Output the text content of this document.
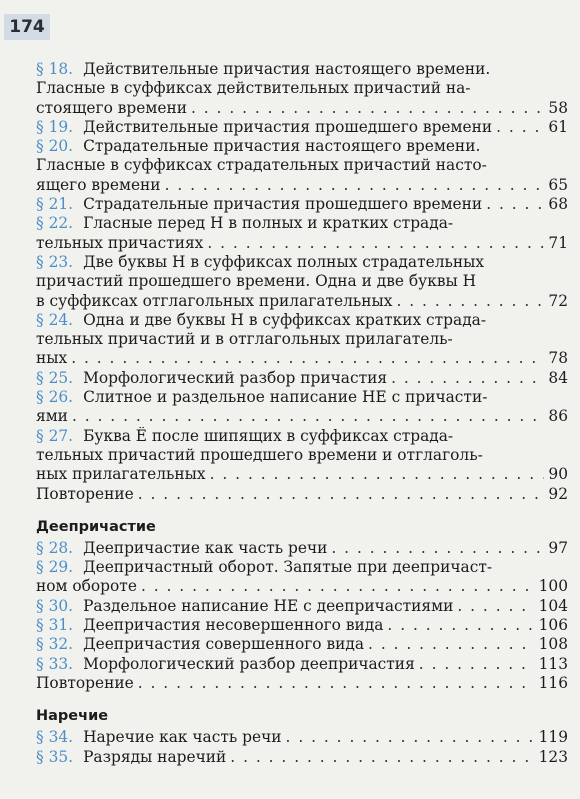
174
§ 18. Действительные причастия настоящего времени.
Гласные в суффиксах действительных причастий на-
стоящего времени . . .	58
§ 19. Действительные причастия прошедшего времени . . .	61
§ 20. Страдательные причастия настоящего времени.
Гласные в суффиксах страдательных причастий насто-
ящего времени . . .	65
§ 21. Страдательные причастия прошедшего времени . . .	68
§ 22. Гласные перед Н в полных и кратких страда-
тельных причастиях . . .	71
§ 23. Две буквы Н в суффиксах полных страдательных
причастий прошедшего времени. Одна и две буквы Н
в суффиксах отглагольных прилагательных . . .	72
§ 24. Одна и две буквы Н в суффиксах кратких страда-
тельных причастий и в отглагольных прилагатель-
ных . . .	78
§ 25. Морфологический разбор причастия . . .	84
§ 26. Слитное и раздельное написание НЕ с причасти-
ями . . .	86
§ 27. Буква Ё после шипящих в суффиксах страда-
тельных причастий прошедшего времени и отглаголь-
ных прилагательных . . .	90
Повторение . . .	92
Деепричастие
§ 28. Деепричастие как часть речи . . .	97
§ 29. Деепричастный оборот. Запятые при деепричаст-
ном обороте . . .	100
§ 30. Раздельное написание НЕ с деепричастиями . . .	104
§ 31. Деепричастия несовершенного вида . . .	106
§ 32. Деепричастия совершенного вида . . .	108
§ 33. Морфологический разбор деепричастия . . .	113
Повторение . . .	116
Наречие
§ 34. Наречие как часть речи . . .	119
§ 35. Разряды наречий . . .	123
